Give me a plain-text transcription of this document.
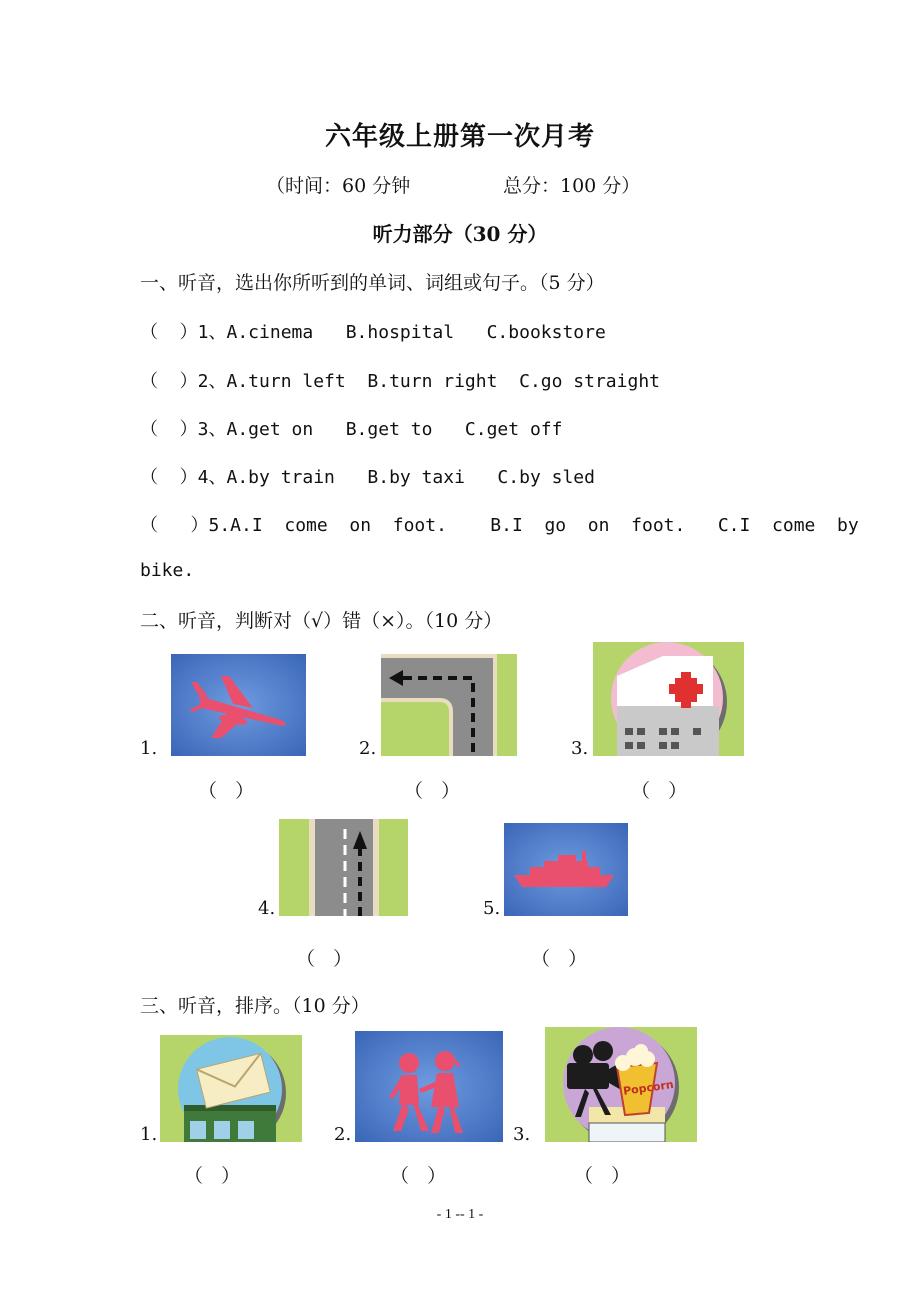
六年级上册第一次月考
（时间：60 分钟	总分：100 分）
听力部分（30 分）
一、听音，选出你所听到的单词、词组或句子。（5 分）
（  ）1、A.cinema   B.hospital   C.bookstore
（  ）2、A.turn left  B.turn right  C.go straight
（  ）3、A.get on   B.get to   C.get off
（  ）4、A.by train   B.by taxi   C.by sled
（   ）5.A.I  come  on  foot.    B.I  go  on  foot.   C.I  come  by
bike.
二、听音，判断对（√）错（×）。（10 分）
1.
（   ）
2.
（   ）
3.
（   ）
4.
（   ）
5.
（   ）
三、听音，排序。（10 分）
1.
（   ）
2.
（   ）
3.
Popcorn
（   ）
- 1 -- 1 -
